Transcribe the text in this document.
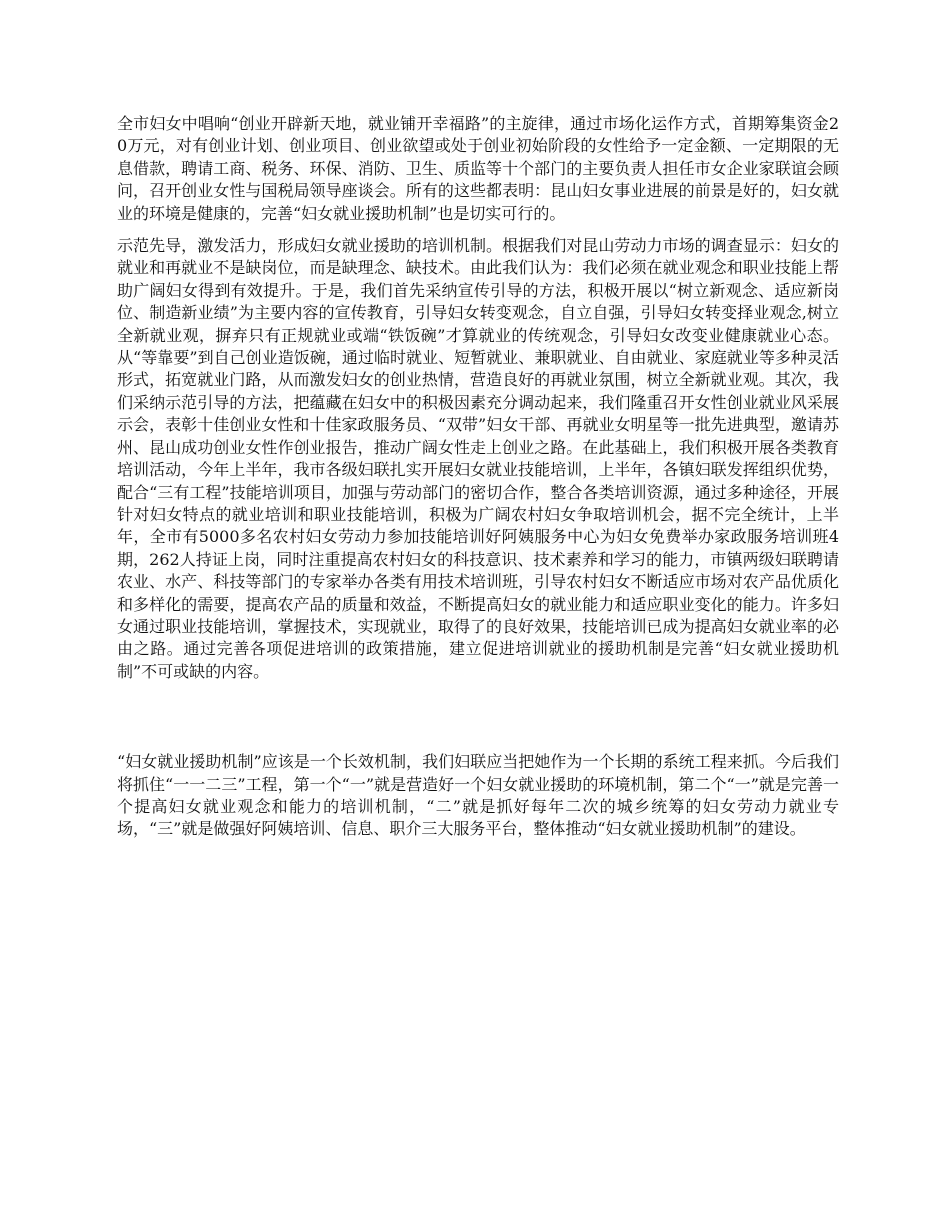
全市妇女中唱响“创业开辟新天地，就业铺开幸福路”的主旋律，通过市场化运作方式，首期筹集资金20万元，对有创业计划、创业项目、创业欲望或处于创业初始阶段的女性给予一定金额、一定期限的无息借款，聘请工商、税务、环保、消防、卫生、质监等十个部门的主要负责人担任市女企业家联谊会顾问，召开创业女性与国税局领导座谈会。所有的这些都表明：昆山妇女事业进展的前景是好的，妇女就业的环境是健康的，完善“妇女就业援助机制”也是切实可行的。

示范先导，激发活力，形成妇女就业援助的培训机制。根据我们对昆山劳动力市场的调查显示：妇女的就业和再就业不是缺岗位，而是缺理念、缺技术。由此我们认为：我们必须在就业观念和职业技能上帮助广阔妇女得到有效提升。于是，我们首先采纳宣传引导的方法，积极开展以“树立新观念、适应新岗位、制造新业绩”为主要内容的宣传教育，引导妇女转变观念，自立自强，引导妇女转变择业观念,树立全新就业观，摒弃只有正规就业或端“铁饭碗”才算就业的传统观念，引导妇女改变业健康就业心态。从“等靠要”到自己创业造饭碗，通过临时就业、短暂就业、兼职就业、自由就业、家庭就业等多种灵活形式，拓宽就业门路，从而激发妇女的创业热情，营造良好的再就业氛围，树立全新就业观。其次，我们采纳示范引导的方法，把蕴藏在妇女中的积极因素充分调动起来，我们隆重召开女性创业就业风采展示会，表彰十佳创业女性和十佳家政服务员、“双带”妇女干部、再就业女明星等一批先进典型，邀请苏州、昆山成功创业女性作创业报告，推动广阔女性走上创业之路。在此基础上，我们积极开展各类教育培训活动，今年上半年，我市各级妇联扎实开展妇女就业技能培训，上半年，各镇妇联发挥组织优势，配合“三有工程”技能培训项目，加强与劳动部门的密切合作，整合各类培训资源，通过多种途径，开展针对妇女特点的就业培训和职业技能培训，积极为广阔农村妇女争取培训机会，据不完全统计，上半年，全市有5000多名农村妇女劳动力参加技能培训好阿姨服务中心为妇女免费举办家政服务培训班4期，262人持证上岗，同时注重提高农村妇女的科技意识、技术素养和学习的能力，市镇两级妇联聘请农业、水产、科技等部门的专家举办各类有用技术培训班，引导农村妇女不断适应市场对农产品优质化和多样化的需要，提高农产品的质量和效益，不断提高妇女的就业能力和适应职业变化的能力。许多妇女通过职业技能培训，掌握技术，实现就业，取得了的良好效果，技能培训已成为提高妇女就业率的必由之路。通过完善各项促进培训的政策措施，建立促进培训就业的援助机制是完善“妇女就业援助机制”不可或缺的内容。

“妇女就业援助机制”应该是一个长效机制，我们妇联应当把她作为一个长期的系统工程来抓。今后我们将抓住“一一二三”工程，第一个“一”就是营造好一个妇女就业援助的环境机制，第二个“一”就是完善一个提高妇女就业观念和能力的培训机制，“二”就是抓好每年二次的城乡统筹的妇女劳动力就业专场，“三”就是做强好阿姨培训、信息、职介三大服务平台，整体推动“妇女就业援助机制”的建设。
